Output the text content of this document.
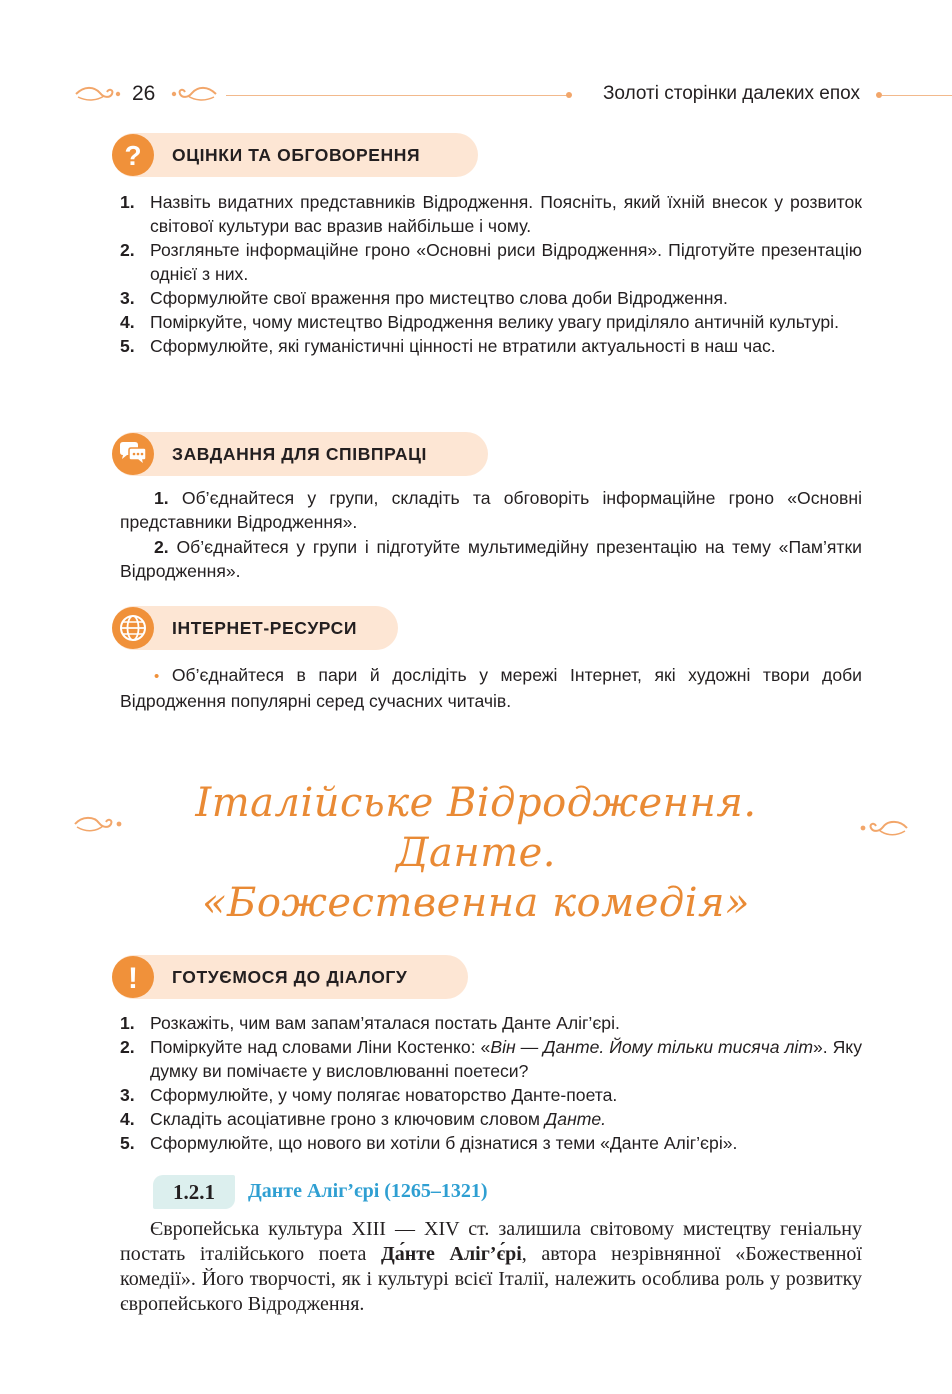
26	Золоті сторінки далеких епох
? ОЦІНКИ ТА ОБГОВОРЕННЯ
1. Назвіть видатних представників Відродження. Поясніть, який їхній внесок у розвиток світової культури вас вразив найбільше і чому.
2. Розгляньте інформаційне гроно «Основні риси Відродження». Підготуйте презентацію однієї з них.
3. Сформулюйте свої враження про мистецтво слова доби Відродження.
4. Поміркуйте, чому мистецтво Відродження велику увагу приділяло античній культурі.
5. Сформулюйте, які гуманістичні цінності не втратили актуальності в наш час.
ЗАВДАННЯ ДЛЯ СПІВПРАЦІ
1. Об’єднайтеся у групи, складіть та обговоріть інформаційне гроно «Основні представники Відродження».
2. Об’єднайтеся у групи і підготуйте мультимедійну презентацію на тему «Пам’ятки Відродження».
ІНТЕРНЕТ-РЕСУРСИ
• Об’єднайтеся в пари й дослідіть у мережі Інтернет, які художні твори доби Відродження популярні серед сучасних читачів.
Італійське Відродження.
Данте.
«Божественна комедія»
! ГОТУЄМОСЯ ДО ДІАЛОГУ
1. Розкажіть, чим вам запам’яталася постать Данте Аліг’єрі.
2. Поміркуйте над словами Ліни Костенко: «Він — Данте. Йому тільки тисяча літ». Яку думку ви помічаєте у висловлюванні поетеси?
3. Сформулюйте, у чому полягає новаторство Данте-поета.
4. Складіть асоціативне гроно з ключовим словом Данте.
5. Сформулюйте, що нового ви хотіли б дізнатися з теми «Данте Аліг’єрі».
1.2.1	Данте Аліг’єрі (1265–1321)
Європейська культура XIII — XIV ст. залишила світовому мистецтву геніальну постать італійського поета Да́нте Аліг’є́рі, автора незрівнянної «Божественної комедії». Його творчості, як і культурі всієї Італії, належить особлива роль у розвитку європейського Відродження.
